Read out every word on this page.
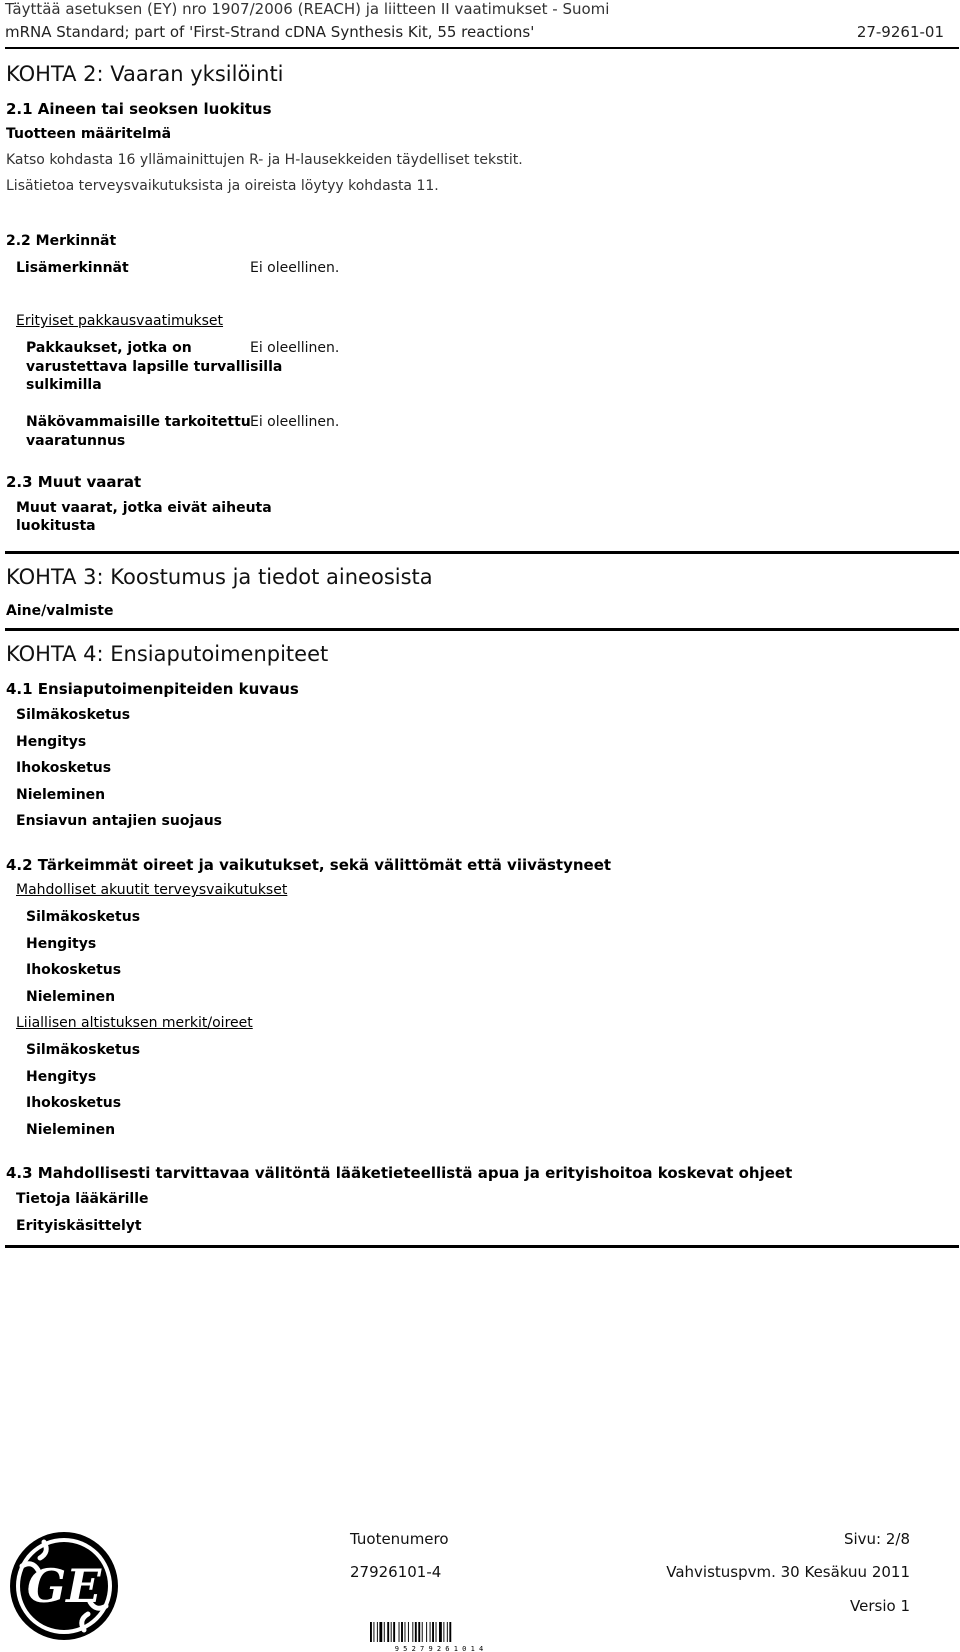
Täyttää asetuksen (EY) nro 1907/2006 (REACH) ja liitteen II vaatimukset - Suomi
mRNA Standard; part of 'First-Strand cDNA Synthesis Kit, 55 reactions'	27-9261-01
KOHTA 2: Vaaran yksilöinti
2.1 Aineen tai seoksen luokitus
Tuotteen määritelmä
Katso kohdasta 16 yllämainittujen R- ja H-lausekkeiden täydelliset tekstit.
Lisätietoa terveysvaikutuksista ja oireista löytyy kohdasta 11.
2.2 Merkinnät
Lisämerkinnät	Ei oleellinen.
Erityiset pakkausvaatimukset
Pakkaukset, jotka on
varustettava lapsille turvallisilla
sulkimilla
Ei oleellinen.
Näkövammaisille tarkoitettu
vaaratunnus
Ei oleellinen.
2.3 Muut vaarat
Muut vaarat, jotka eivät aiheuta
luokitusta
KOHTA 3: Koostumus ja tiedot aineosista
Aine/valmiste
KOHTA 4: Ensiaputoimenpiteet
4.1 Ensiaputoimenpiteiden kuvaus
Silmäkosketus
Hengitys
Ihokosketus
Nieleminen
Ensiavun antajien suojaus
4.2 Tärkeimmät oireet ja vaikutukset, sekä välittömät että viivästyneet
Mahdolliset akuutit terveysvaikutukset
Silmäkosketus
Hengitys
Ihokosketus
Nieleminen
Liiallisen altistuksen merkit/oireet
Silmäkosketus
Hengitys
Ihokosketus
Nieleminen
4.3 Mahdollisesti tarvittavaa välitöntä lääketieteellistä apua ja erityishoitoa koskevat ohjeet
Tietoja lääkärille
Erityiskäsittelyt
GE
Tuotenumero
27926101-4
Sivu: 2/8
Vahvistuspvm. 30 Kesäkuu 2011
Versio 1
9 5 2 7 9 2 6 1 0 1 4
